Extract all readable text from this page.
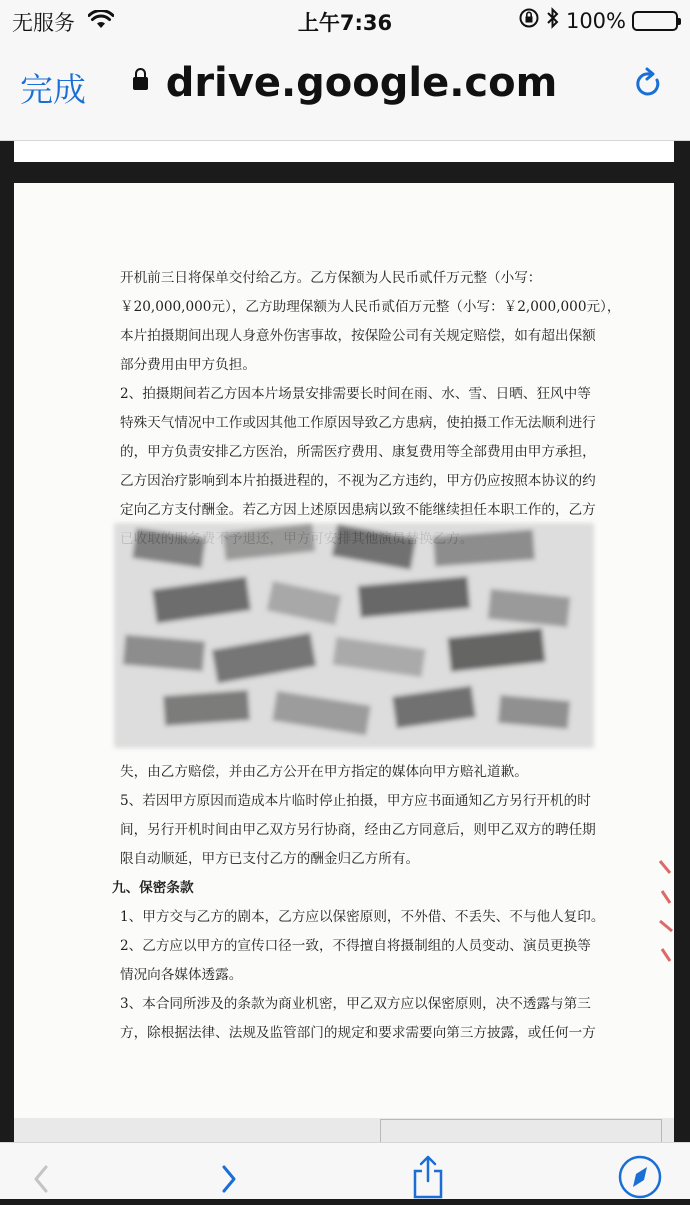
无服务	上午7:36	100%
完成	drive.google.com
开机前三日将保单交付给乙方。乙方保额为人民币贰仟万元整（小写：
￥20,000,000元），乙方助理保额为人民币贰佰万元整（小写：￥2,000,000元），
本片拍摄期间出现人身意外伤害事故，按保险公司有关规定赔偿，如有超出保额
部分费用由甲方负担。
2、拍摄期间若乙方因本片场景安排需要长时间在雨、水、雪、日晒、狂风中等
特殊天气情况中工作或因其他工作原因导致乙方患病，使拍摄工作无法顺利进行
的，甲方负责安排乙方医治，所需医疗费用、康复费用等全部费用由甲方承担，
乙方因治疗影响到本片拍摄进程的，不视为乙方违约，甲方仍应按照本协议的约
定向乙方支付酬金。若乙方因上述原因患病以致不能继续担任本职工作的，乙方
失，由乙方赔偿，并由乙方公开在甲方指定的媒体向甲方赔礼道歉。
5、若因甲方原因而造成本片临时停止拍摄，甲方应书面通知乙方另行开机的时
间，另行开机时间由甲乙双方另行协商，经由乙方同意后，则甲乙双方的聘任期
限自动顺延，甲方已支付乙方的酬金归乙方所有。
九、保密条款
1、甲方交与乙方的剧本，乙方应以保密原则，不外借、不丢失、不与他人复印。
2、乙方应以甲方的宣传口径一致，不得擅自将摄制组的人员变动、演员更换等
情况向各媒体透露。
3、本合同所涉及的条款为商业机密，甲乙双方应以保密原则，决不透露与第三
方，除根据法律、法规及监管部门的规定和要求需要向第三方披露，或任何一方
